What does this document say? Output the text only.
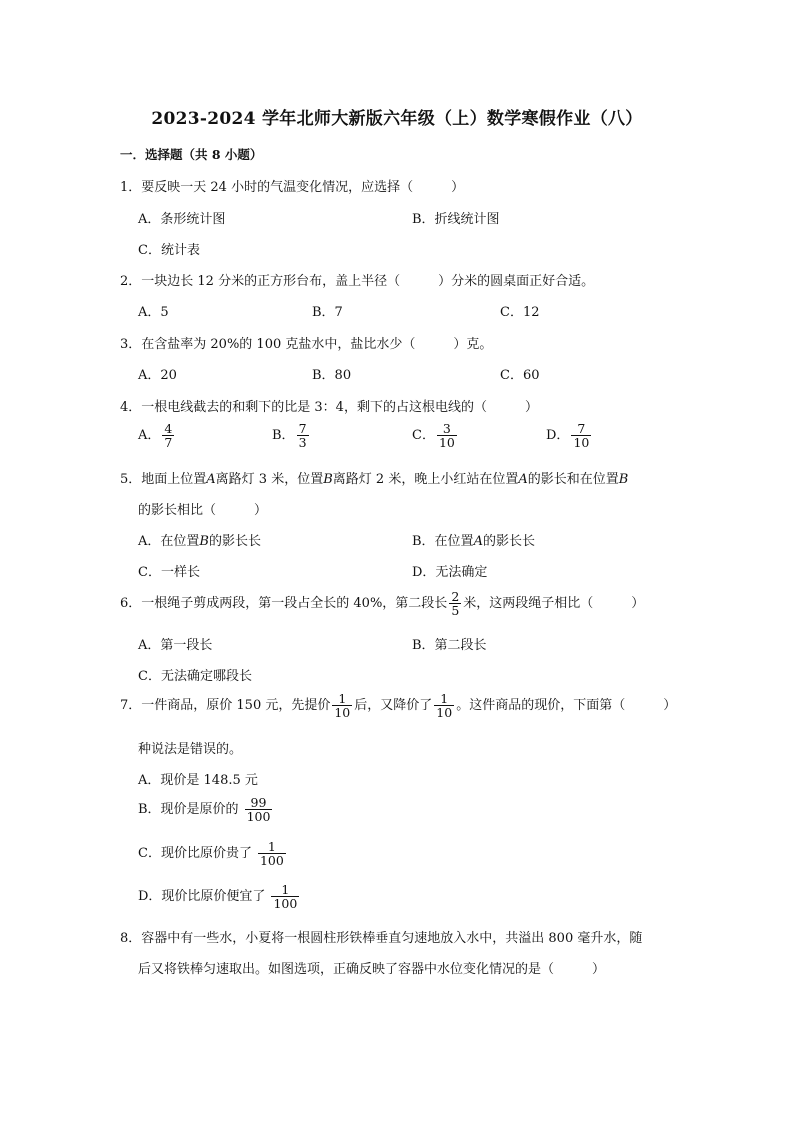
2023-2024 学年北师大新版六年级（上）数学寒假作业（八）
一．选择题（共 8 小题）
1．要反映一天 24 小时的气温变化情况，应选择（	）
A．条形统计图	B．折线统计图
C．统计表
2．一块边长 12 分米的正方形台布，盖上半径（	）分米的圆桌面正好合适。
A．5	B．7	C．12
3．在含盐率为 20%的 100 克盐水中，盐比水少（	）克。
A．20	B．80	C．60
4．一根电线截去的和剩下的比是 3：4，剩下的占这根电线的（	）
A． $\frac{4}{7}$	B． $\frac{7}{3}$	C． $\frac{3}{10}$	D． $\frac{7}{10}$
5．地面上位置A离路灯 3 米，位置B离路灯 2 米，晚上小红站在位置A的影长和在位置B
的影长相比（	）
A．在位置B的影长长	B．在位置A的影长长
C．一样长	D．无法确定
6．一根绳子剪成两段，第一段占全长的 40%，第二段长 $\frac{2}{5}$ 米，这两段绳子相比（	）
A．第一段长	B．第二段长
C．无法确定哪段长
7．一件商品，原价 150 元，先提价 $\frac{1}{10}$ 后，又降价了 $\frac{1}{10}$ 。这件商品的现价，下面第（	）
种说法是错误的。
A．现价是 148.5 元
B．现价是原价的 $\frac{99}{100}$
C．现价比原价贵了 $\frac{1}{100}$
D．现价比原价便宜了 $\frac{1}{100}$
8．容器中有一些水，小夏将一根圆柱形铁棒垂直匀速地放入水中，共溢出 800 毫升水，随
后又将铁棒匀速取出。如图选项，正确反映了容器中水位变化情况的是（	）
